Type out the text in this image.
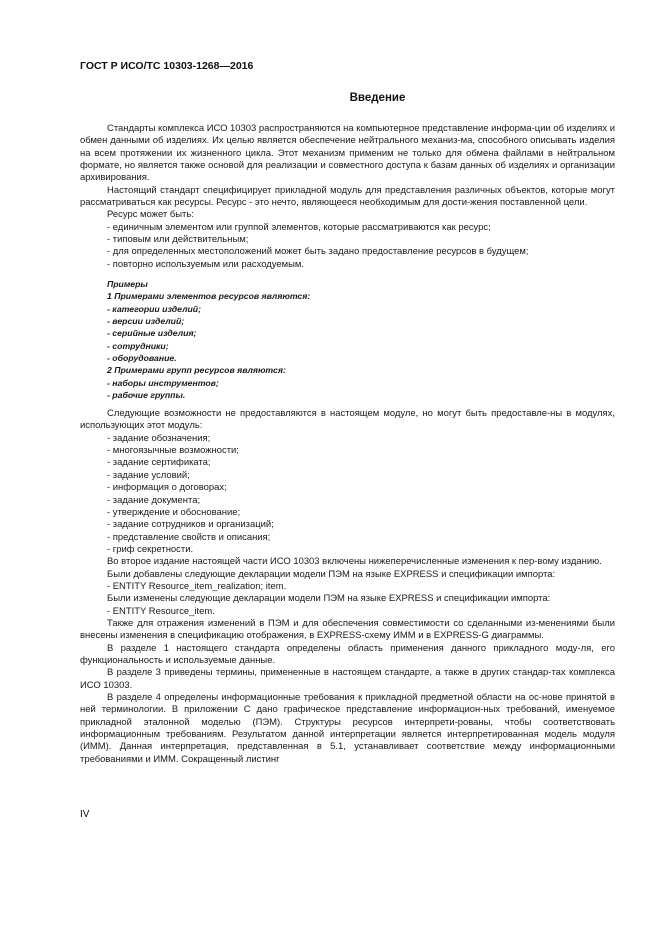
ГОСТ Р ИСО/ТС 10303-1268—2016
Введение

Стандарты комплекса ИСО 10303 распространяются на компьютерное представление информа-ции об изделиях и обмен данными об изделиях. Их целью является обеспечение нейтрального механиз-ма, способного описывать изделия на всем протяжении их жизненного цикла. Этот механизм применим не только для обмена файлами в нейтральном формате, но является также основой для реализации и совместного доступа к базам данных об изделиях и организации архивирования.

Настоящий стандарт специфицирует прикладной модуль для представления различных объектов, которые могут рассматриваться как ресурсы. Ресурс - это нечто, являющееся необходимым для дости-жения поставленной цели.

Ресурс может быть:

- единичным элементом или группой элементов, которые рассматриваются как ресурс;

- типовым или действительным;

- для определенных местоположений может быть задано предоставление ресурсов в будущем;

- повторно используемым или расходуемым.

Примеры

1 Примерами элементов ресурсов являются:

- категории изделий;

- версии изделий;

- серийные изделия;

- сотрудники;

- оборудование.

2 Примерами групп ресурсов являются:

- наборы инструментов;

- рабочие группы.

Следующие возможности не предоставляются в настоящем модуле, но могут быть предоставле-ны в модулях, использующих этот модуль:

- задание обозначения;

- многоязычные возможности;

- задание сертификата;

- задание условий;

- информация о договорах;

- задание документа;

- утверждение и обоснование;

- задание сотрудников и организаций;

- представление свойств и описания;

- гриф секретности.

Во второе издание настоящей части ИСО 10303 включены нижеперечисленные изменения к пер-вому изданию.

Были добавлены следующие декларации модели ПЭМ на языке EXPRESS и спецификации импорта:

- ENTITY Resource_item_realization; item.

Были изменены следующие декларации модели ПЭМ на языке EXPRESS и спецификации импорта:

- ENTITY Resource_item.

Также для отражения изменений в ПЭМ и для обеспечения совместимости со сделанными из-менениями были внесены изменения в спецификацию отображения, в EXPRESS-схему ИММ и в EXPRESS-G диаграммы.

В разделе 1 настоящего стандарта определены область применения данного прикладного моду-ля, его функциональность и используемые данные.

В разделе 3 приведены термины, примененные в настоящем стандарте, а также в других стандар-тах комплекса ИСО 10303.

В разделе 4 определены информационные требования к прикладной предметной области на ос-нове принятой в ней терминологии. В приложении С дано графическое представление информацион-ных требований, именуемое прикладной эталонной моделью (ПЭМ). Структуры ресурсов интерпрети-рованы, чтобы соответствовать информационным требованиям. Результатом данной интерпретации является интерпретированная модель модуля (ИММ). Данная интерпретация, представленная в 5.1, устанавливает соответствие между информационными требованиями и ИММ. Сокращенный листинг

IV
